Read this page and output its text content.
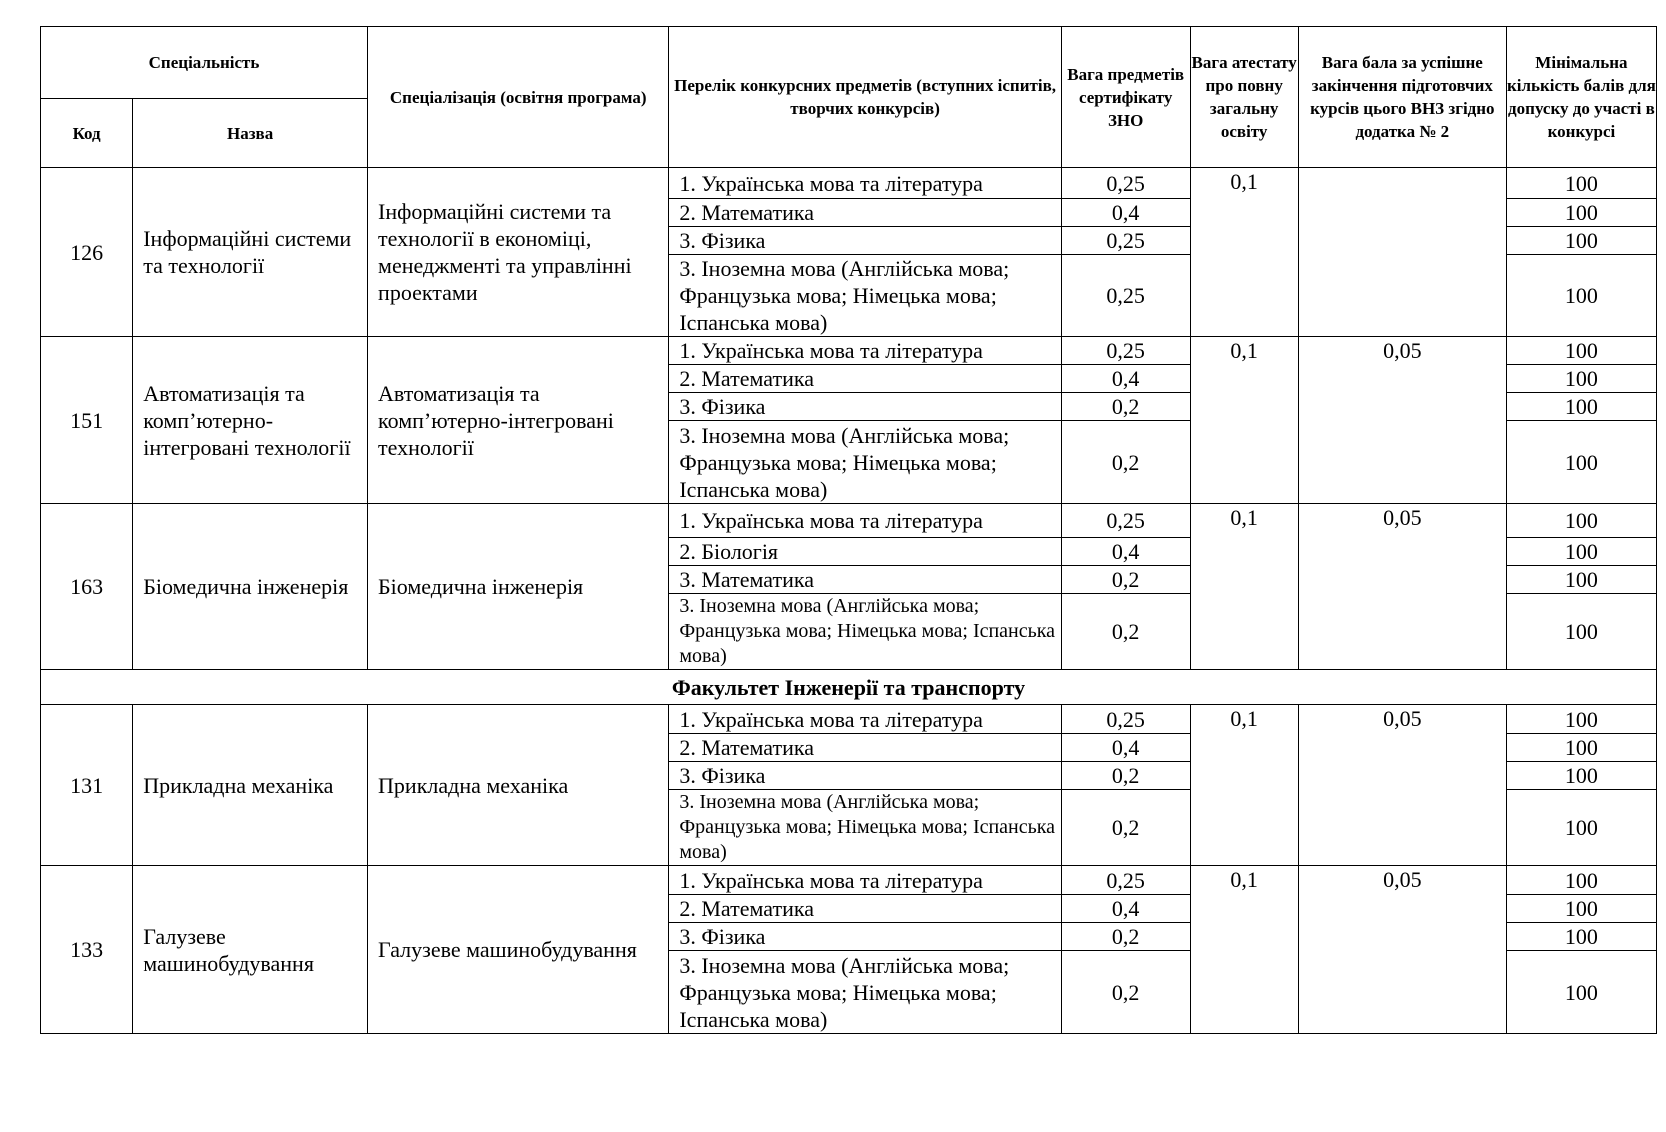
Спеціальність		Спеціалізація (освітня програма)	Перелік конкурсних предметів (вступних іспитів, творчих конкурсів)	Вага предметів сертифікату ЗНО	Вага атестату про повну загальну освіту	Вага бала за успішне закінчення підготовчих курсів цього ВНЗ згідно додатка № 2	Мінімальна кількість балів для допуску до участі в конкурсі
Код	Назва						
126	Інформаційні системи та технології	Інформаційні системи та технології в економіці, менеджменті та управлінні проектами	1. Українська мова та література	0,25	0,1		100
			2. Математика	0,4			100
			3. Фізика	0,25			100
			3. Іноземна мова (Англійська мова; Французька мова; Німецька мова; Іспанська мова)	0,25			100
151	Автоматизація та комп’ютерно-інтегровані технології	Автоматизація та комп’ютерно-інтегровані технології	1. Українська мова та література	0,25	0,1	0,05	100
			2. Математика	0,4			100
			3. Фізика	0,2			100
			3. Іноземна мова (Англійська мова; Французька мова; Німецька мова; Іспанська мова)	0,2			100
163	Біомедична інженерія	Біомедична інженерія	1. Українська мова та література	0,25	0,1	0,05	100
			2. Біологія	0,4			100
			3. Математика	0,2			100
			3. Іноземна мова (Англійська мова; Французька мова; Німецька мова; Іспанська мова)	0,2			100
Факультет Інженерії та транспорту							
131	Прикладна механіка	Прикладна механіка	1. Українська мова та література	0,25	0,1	0,05	100
			2. Математика	0,4			100
			3. Фізика	0,2			100
			3. Іноземна мова (Англійська мова; Французька мова; Німецька мова; Іспанська мова)	0,2			100
133	Галузеве машинобудування	Галузеве машинобудування	1. Українська мова та література	0,25	0,1	0,05	100
			2. Математика	0,4			100
			3. Фізика	0,2			100
			3. Іноземна мова (Англійська мова; Французька мова; Німецька мова; Іспанська мова)	0,2			100
